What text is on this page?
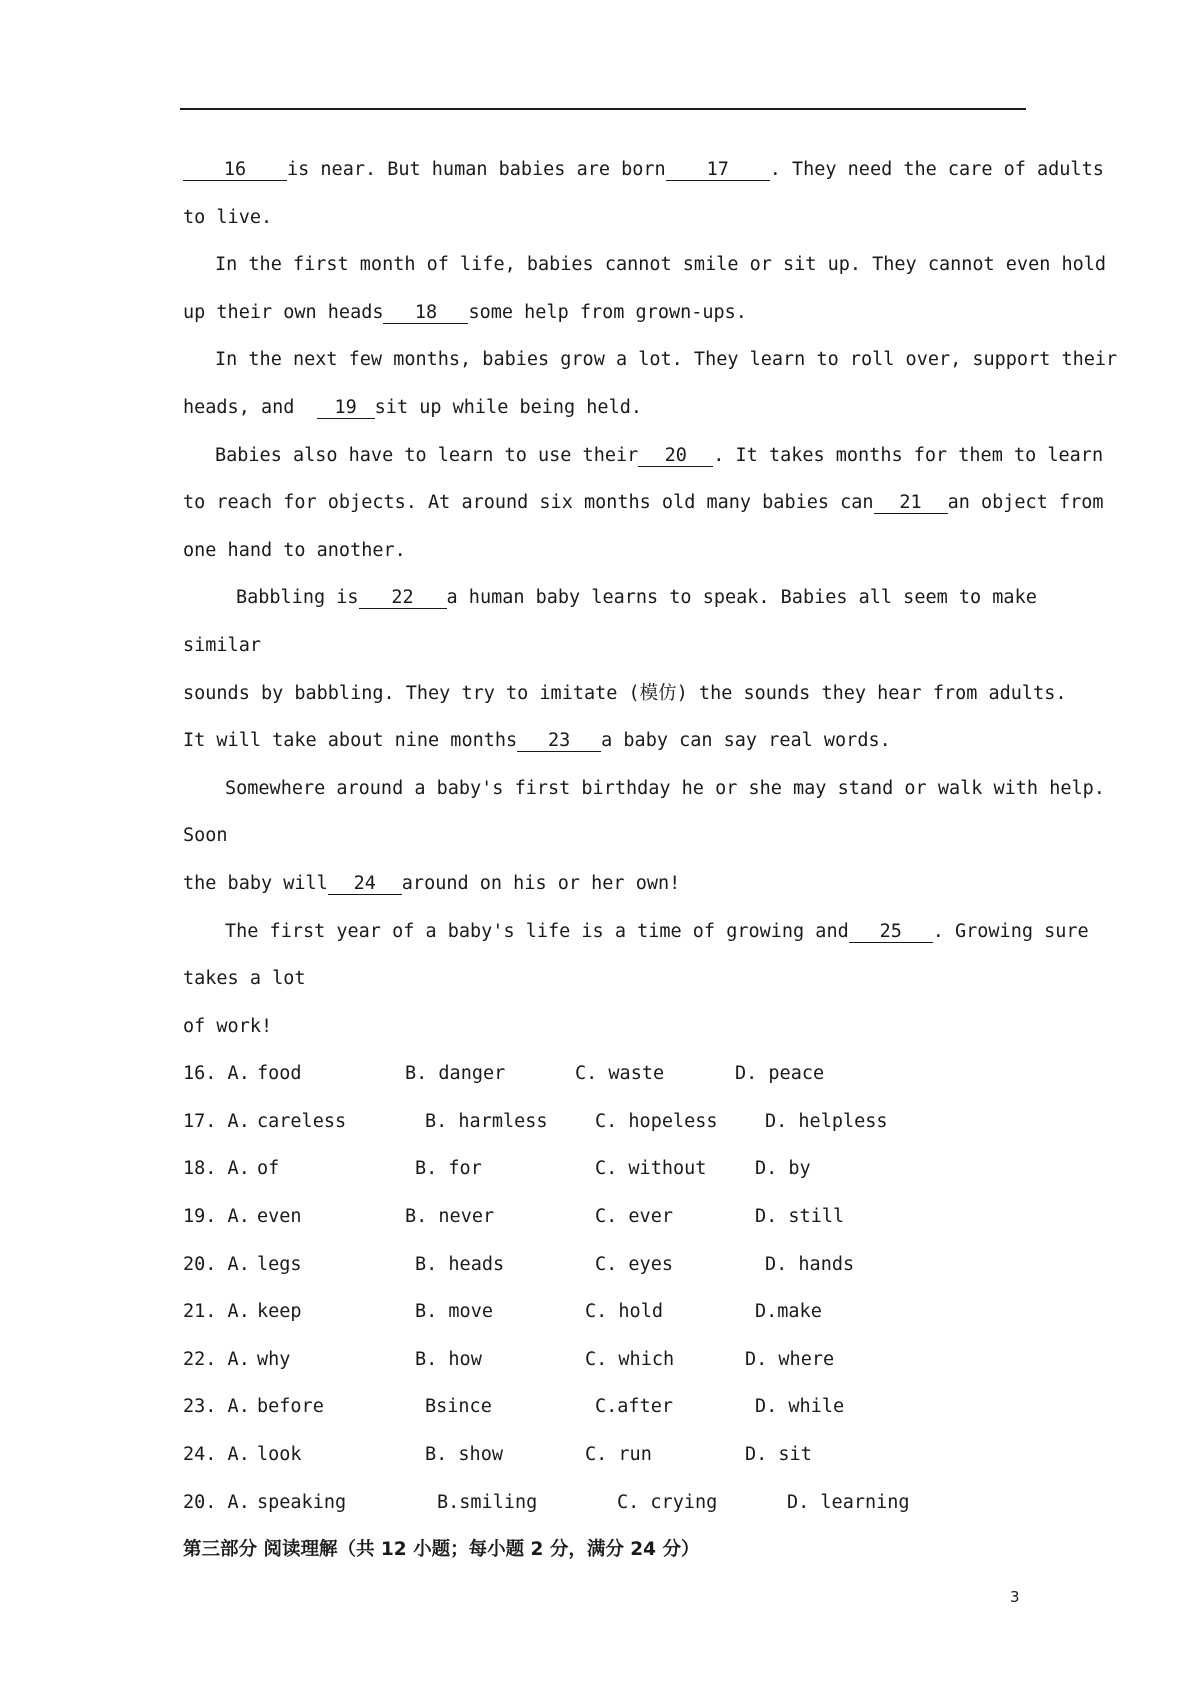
16 is near. But human babies are born 17	. They need the care of adults
to live.
In the first month of life, babies cannot smile or sit up. They cannot even hold
up their own heads 18 some help from grown-ups.
In the next few months, babies grow a lot. They learn to roll over, support their
heads, and 19 sit up while being held.
Babies also have to learn to use their 20	. It takes months for them to learn
to reach for objects. At around six months old many babies can 21	an object from
one hand to another.
Babbling is 22	a human baby learns to speak. Babies all seem to make
similar
sounds by babbling. They try to imitate (模仿) the sounds they hear from adults.
It will take about nine months 23 a baby can say real words.
Somewhere around a baby's first birthday he or she may stand or walk with help.
Soon
the baby will 24 around on his or her own!
The first year of a baby's life is a time of growing and 25	. Growing sure
takes a lot
of work!
16. A. food	B. danger	C. waste	D. peace
17. A. careless	B. harmless	C. hopeless	D. helpless
18. A. of	B. for	C. without	D. by
19. A. even	B. never	C. ever	D. still
20. A. legs	B. heads	C. eyes	D. hands
21. A. keep	B. move	C. hold	D.make
22. A. why	B. how	C. which	D. where
23. A. before	Bsince	C.after	D. while
24. A. look	B. show	C. run	D. sit
20. A. speaking	B.smiling	C. crying	D. learning
第三部分 阅读理解（共 12 小题；每小题 2 分，满分 24 分）
3
